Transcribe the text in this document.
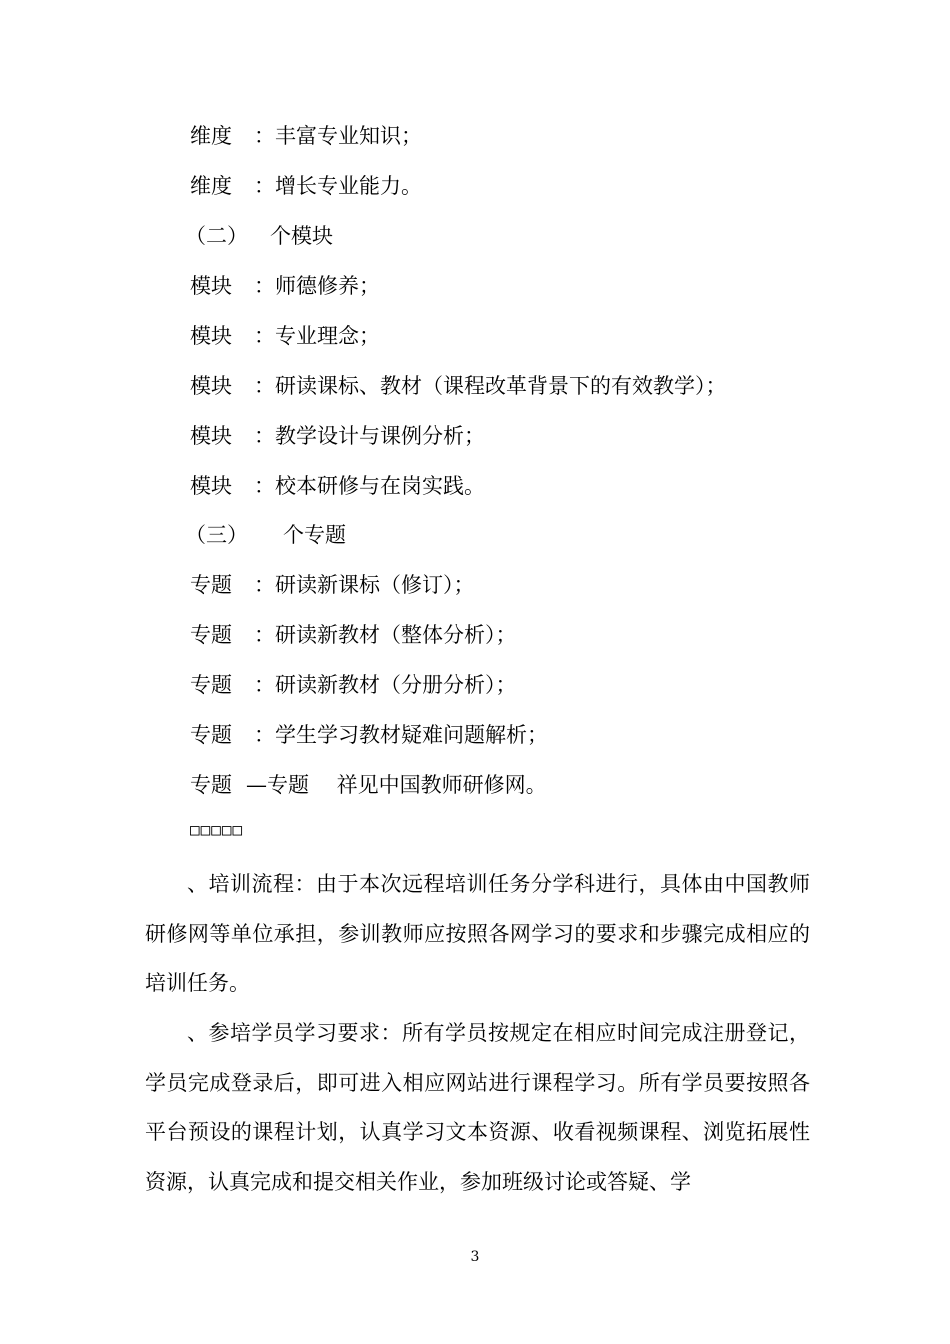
维度 ：丰富专业知识；
维度 ：增长专业能力。
（二） 个模块
模块 ：师德修养；
模块 ：专业理念；
模块 ：研读课标、教材（课程改革背景下的有效教学）；
模块 ：教学设计与课例分析；
模块 ：校本研修与在岗实践。
（三） 个专题
专题 ：研读新课标（修订）；
专题 ：研读新教材（整体分析）；
专题 ：研读新教材（分册分析）；
专题 ：学生学习教材疑难问题解析；
专题 —专题　 祥见中国教师研修网。
□□□□□
、培训流程：由于本次远程培训任务分学科进行，具体由中国教师研修网等单位承担，参训教师应按照各网学习的要求和步骤完成相应的培训任务。
、参培学员学习要求：所有学员按规定在相应时间完成注册登记，学员完成登录后，即可进入相应网站进行课程学习。所有学员要按照各平台预设的课程计划，认真学习文本资源、收看视频课程、浏览拓展性资源，认真完成和提交相关作业，参加班级讨论或答疑、学
3
